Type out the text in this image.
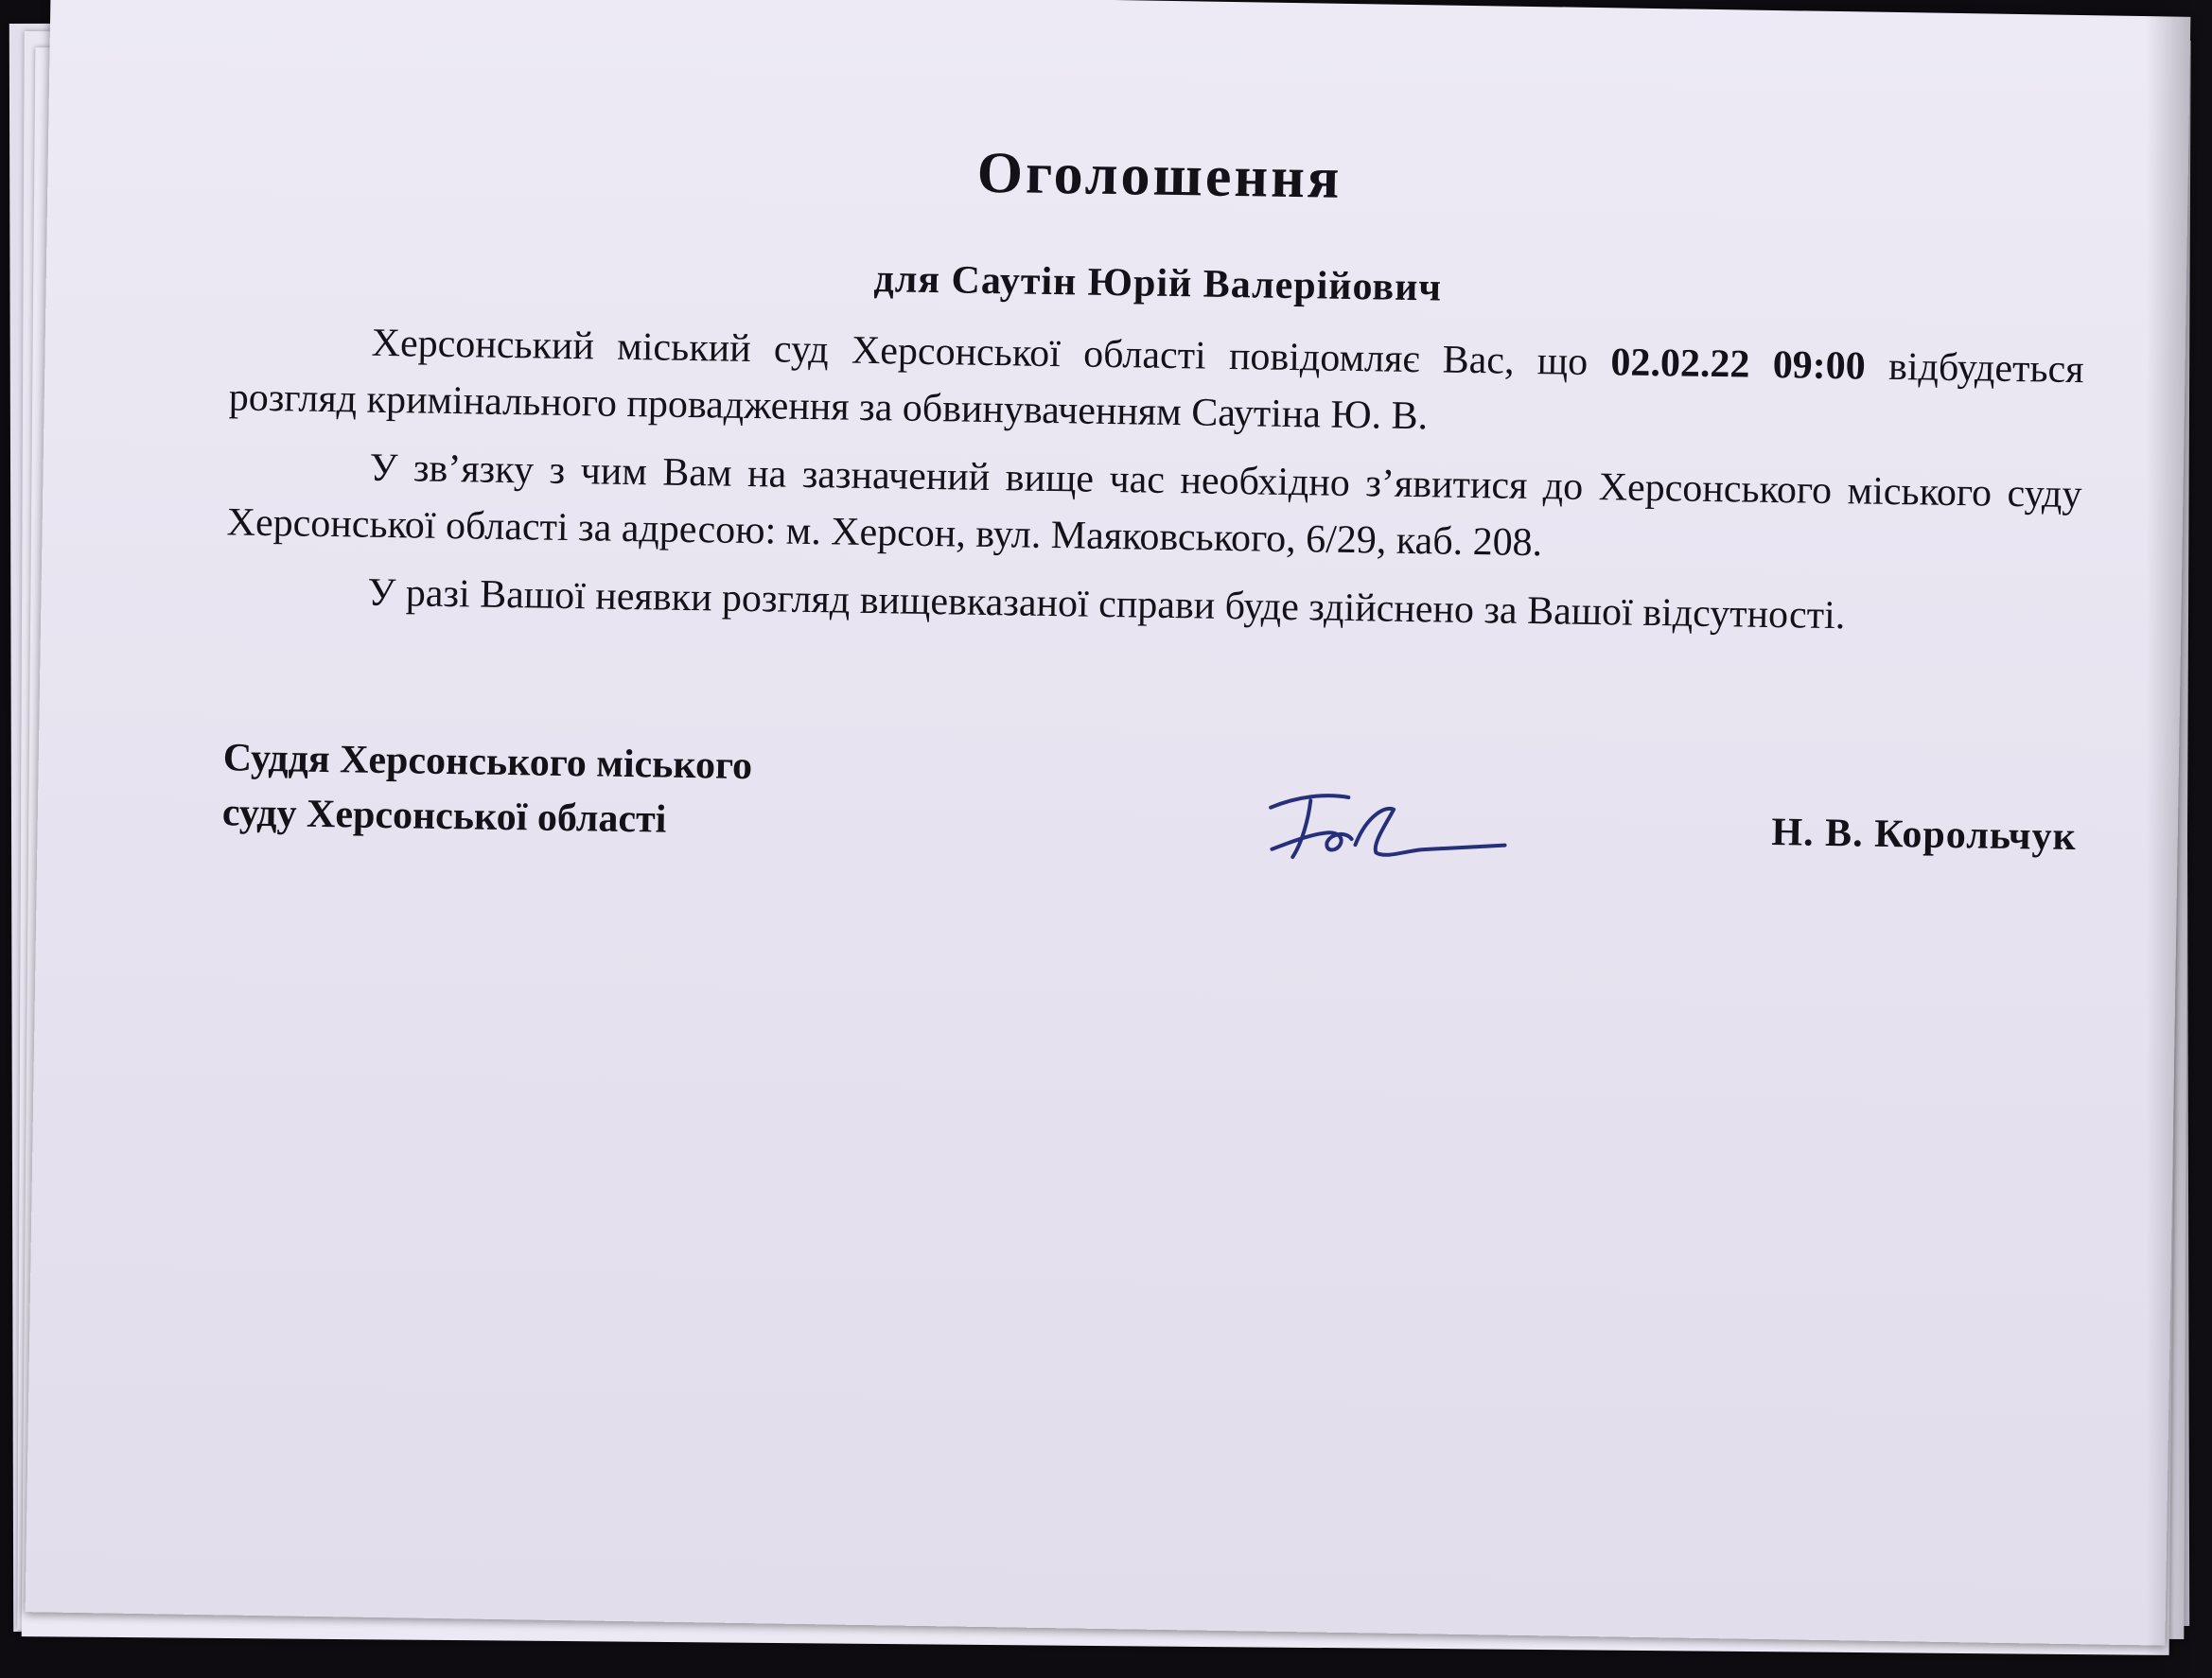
Оголошення
для Саутін Юрій Валерійович

Херсонський міський суд Херсонської області повідомляє Вас, що 02.02.22 09:00 відбудеться розгляд кримінального провадження за обвинуваченням Саутіна Ю. В.

У зв’язку з чим Вам на зазначений вище час необхідно з’явитися до Херсонського міського суду Херсонської області за адресою: м. Херсон, вул. Маяковського, 6/29, каб. 208.

У разі Вашої неявки розгляд вищевказаної справи буде здійснено за Вашої відсутності.

Суддя Херсонського міського
суду Херсонської області	Н. В. Корольчук
